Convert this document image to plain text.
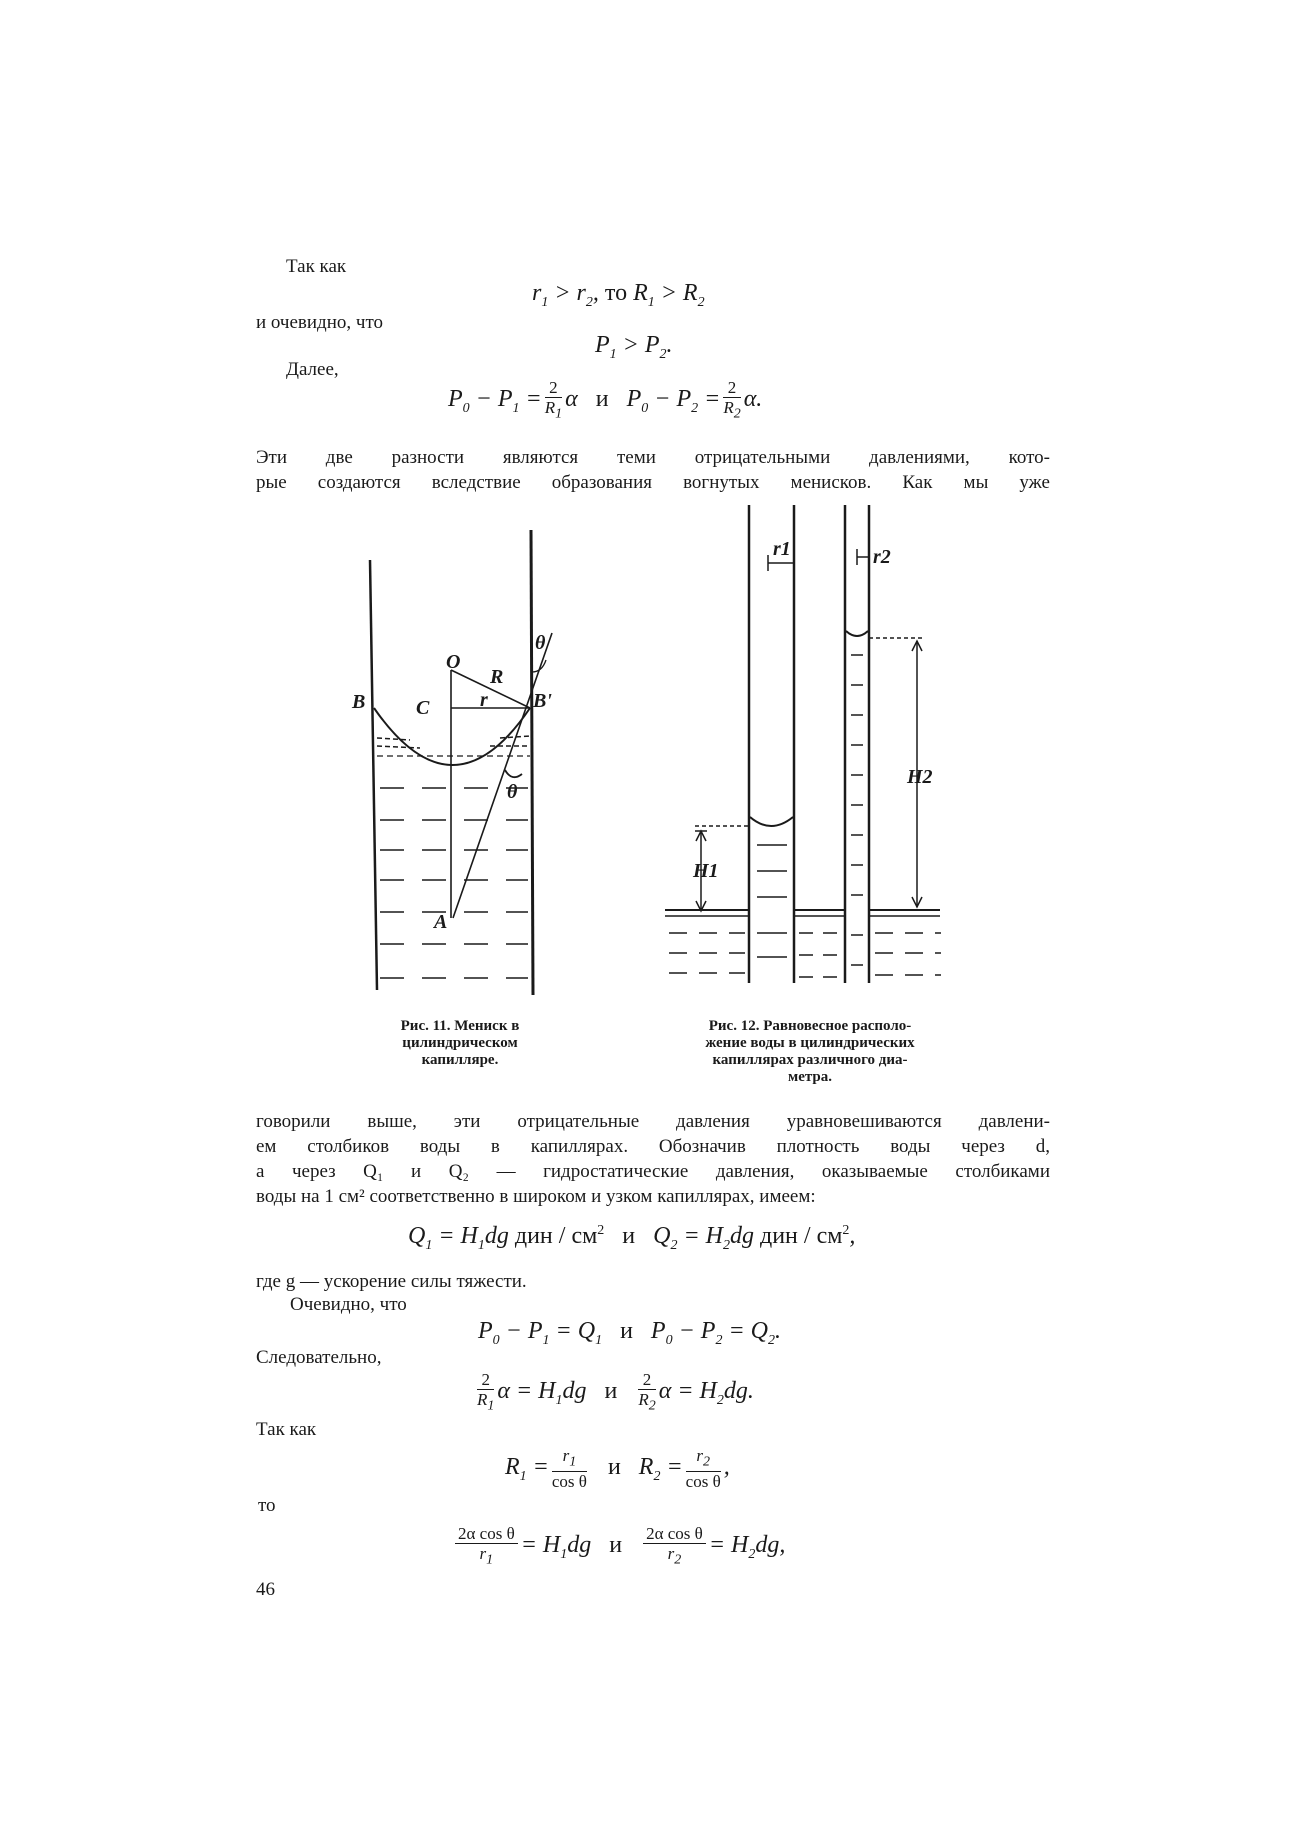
Так как
$r_1 > r_2$, то $R_1 > R_2$
и очевидно, что
$P_1 > P_2$.
Далее,
$P_0 - P_1 = \frac{2}{R_1}$ α   и   $P_0 - P_2 = \frac{2}{R_2} \alpha$.
Эти две разности являются теми отрицательными давлениями, кото-
рые создаются вследствие образования вогнутых менисков. Как мы уже
B	C
O
R
r B'
θ
θ
A
Рис. 11. Мениск в
цилиндрическом
капилляре.
r1	r2
H1
H2
Рис. 12. Равновесное располо-
жение воды в цилиндрических
капиллярах различного диа-
метра.
говорили выше, эти отрицательные давления уравновешиваются давлени-
ем столбиков воды в капиллярах. Обозначив плотность воды через d,
а через Q₁ и Q₂ — гидростатические давления, оказываемые столбиками
воды на 1 см² соответственно в широком и узком капиллярах, имеем:
$Q_1 = H_1dg$ дин / $см^2$ и   $Q_2 = H_2dg$ дин / $см^2$,
где g — ускорение силы тяжести.
Очевидно, что
$P_0 - P_1 = Q_1$ и   $P_0 - P_2 = Q_2$.
Следовательно,
$\frac{2}{R_1}$ $\alpha = H_1dg$   и $\frac{2}{R_2}$ $\alpha = H_2dg$.
Так как
$R_1 = \frac{r_1}{\text{cos θ}}$ и   $R_2 = \frac{r_2}{\text{cos θ}}$ ,
то
$\frac{\text{2α cos θ}}{r_1} = H_1dg$   и $\frac{\text{2α cos θ}}{r_2} = H_2dg$,
46
